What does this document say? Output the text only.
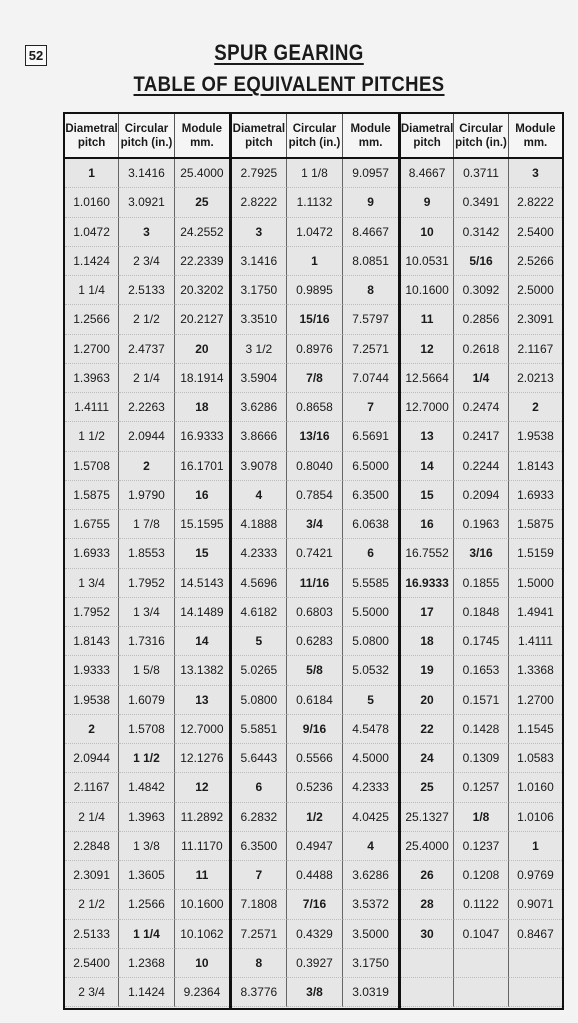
52	SPUR GEARING
TABLE OF EQUIVALENT PITCHES
Diametral
pitch
Circular
pitch (in.)
Module
mm.
1	3.1416	25.4000
1.0160	3.0921	25
1.0472	3	24.2552
1.1424	2 3/4	22.2339
1 1/4	2.5133	20.3202
1.2566	2 1/2	20.2127
1.2700	2.4737	20
1.3963	2 1/4	18.1914
1.4111	2.2263	18
1 1/2	2.0944	16.9333
1.5708	2	16.1701
1.5875	1.9790	16
1.6755	1 7/8	15.1595
1.6933	1.8553	15
1 3/4	1.7952	14.5143
1.7952	1 3/4	14.1489
1.8143	1.7316	14
1.9333	1 5/8	13.1382
1.9538	1.6079	13
2	1.5708	12.7000
2.0944	1 1/2	12.1276
2.1167	1.4842	12
2 1/4	1.3963	11.2892
2.2848	1 3/8	11.1170
2.3091	1.3605	11
2 1/2	1.2566	10.1600
2.5133	1 1/4	10.1062
2.5400	1.2368	10
2 3/4	1.1424	9.2364
Diametral
pitch
Circular
pitch (in.)
Module
mm.
2.7925	1 1/8	9.0957
2.8222	1.1132	9
3	1.0472	8.4667
3.1416	1	8.0851
3.1750	0.9895	8
3.3510	15/16	7.5797
3 1/2	0.8976	7.2571
3.5904	7/8	7.0744
3.6286	0.8658	7
3.8666	13/16	6.5691
3.9078	0.8040	6.5000
4	0.7854	6.3500
4.1888	3/4	6.0638
4.2333	0.7421	6
4.5696	11/16	5.5585
4.6182	0.6803	5.5000
5	0.6283	5.0800
5.0265	5/8	5.0532
5.0800	0.6184	5
5.5851	9/16	4.5478
5.6443	0.5566	4.5000
6	0.5236	4.2333
6.2832	1/2	4.0425
6.3500	0.4947	4
7	0.4488	3.6286
7.1808	7/16	3.5372
7.2571	0.4329	3.5000
8	0.3927	3.1750
8.3776	3/8	3.0319
Diametral
pitch
Circular
pitch (in.)
Module
mm.
8.4667	0.3711	3
9	0.3491	2.8222
10	0.3142	2.5400
10.0531	5/16	2.5266
10.1600	0.3092	2.5000
11	0.2856	2.3091
12	0.2618	2.1167
12.5664	1/4	2.0213
12.7000	0.2474	2
13	0.2417	1.9538
14	0.2244	1.8143
15	0.2094	1.6933
16	0.1963	1.5875
16.7552	3/16	1.5159
16.9333	0.1855	1.5000
17	0.1848	1.4941
18	0.1745	1.4111
19	0.1653	1.3368
20	0.1571	1.2700
22	0.1428	1.1545
24	0.1309	1.0583
25	0.1257	1.0160
25.1327	1/8	1.0106
25.4000	0.1237	1
26	0.1208	0.9769
28	0.1122	0.9071
30	0.1047	0.8467
